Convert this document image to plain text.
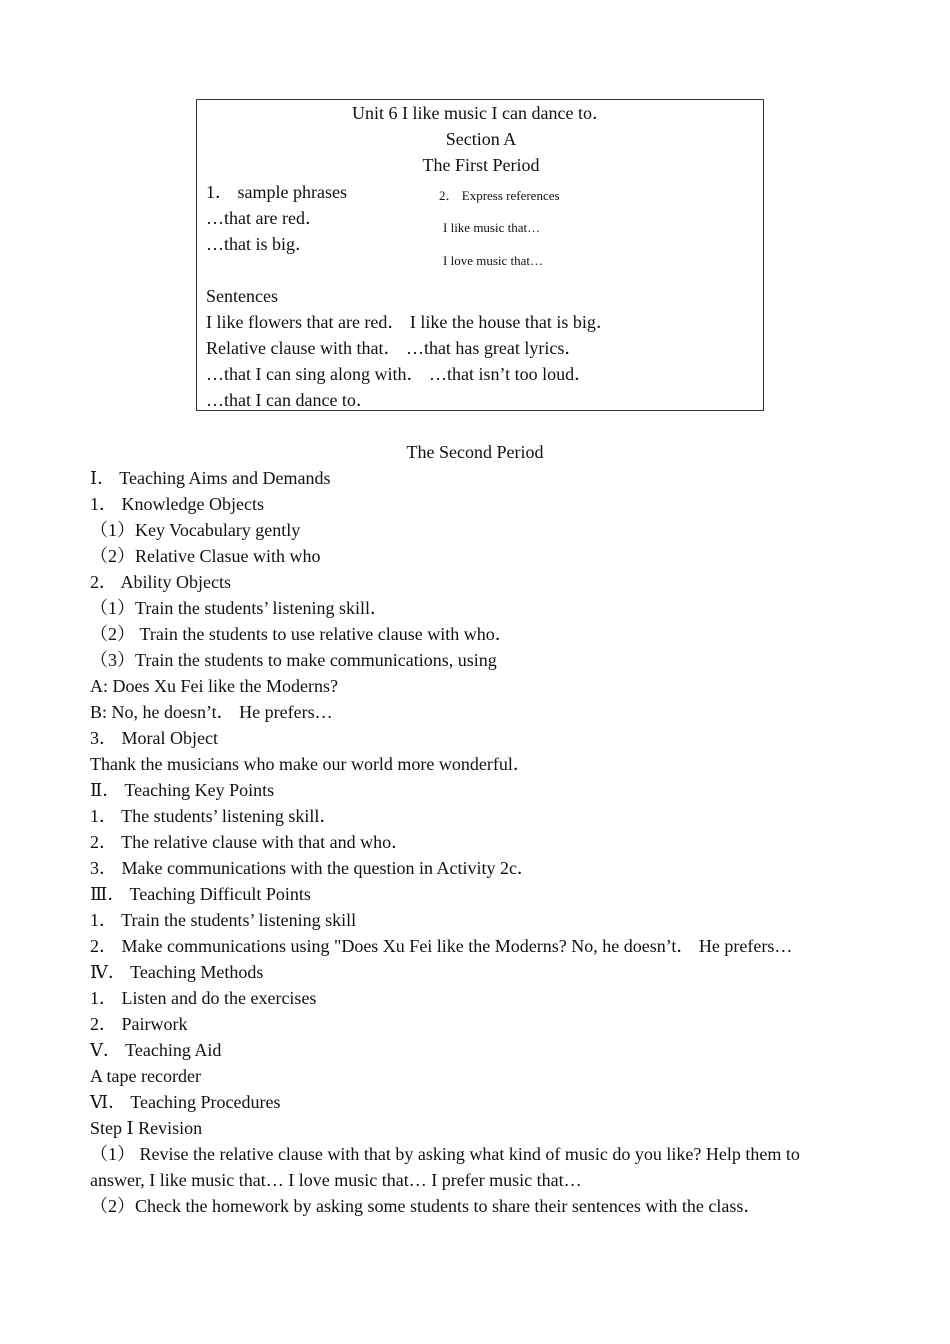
Unit 6 I like music I can dance to．
Section A
The First Period
1． sample phrases
…that are red．
…that is big．
2． Express references
I like music that…
I love music that…
Sentences
I like flowers that are red． I like the house that is big．
Relative clause with that． …that has great lyrics．
…that I can sing along with． …that isn’t too loud．
…that I can dance to．
The Second Period
Ⅰ． Teaching Aims and Demands
1． Knowledge Objects
（1）Key Vocabulary gently
（2）Relative Clasue with who
2． Ability Objects
（1）Train the students’ listening skill．
（2） Train the students to use relative clause with who．
（3）Train the students to make communications, using
A: Does Xu Fei like the Moderns?
B: No, he doesn’t． He prefers…
3． Moral Object
Thank the musicians who make our world more wonderful．
Ⅱ． Teaching Key Points
1． The students’ listening skill．
2． The relative clause with that and who．
3． Make communications with the question in Activity 2c．
Ⅲ． Teaching Difficult Points
1． Train the students’ listening skill
2． Make communications using "Does Xu Fei like the Moderns? No, he doesn’t． He prefers…
Ⅳ． Teaching Methods
1． Listen and do the exercises
2． Pairwork
Ⅴ． Teaching Aid
A tape recorder
Ⅵ． Teaching Procedures
Step Ⅰ Revision
（1） Revise the relative clause with that by asking what kind of music do you like? Help them to
answer, I like music that… I love music that… I prefer music that…
（2）Check the homework by asking some students to share their sentences with the class．
